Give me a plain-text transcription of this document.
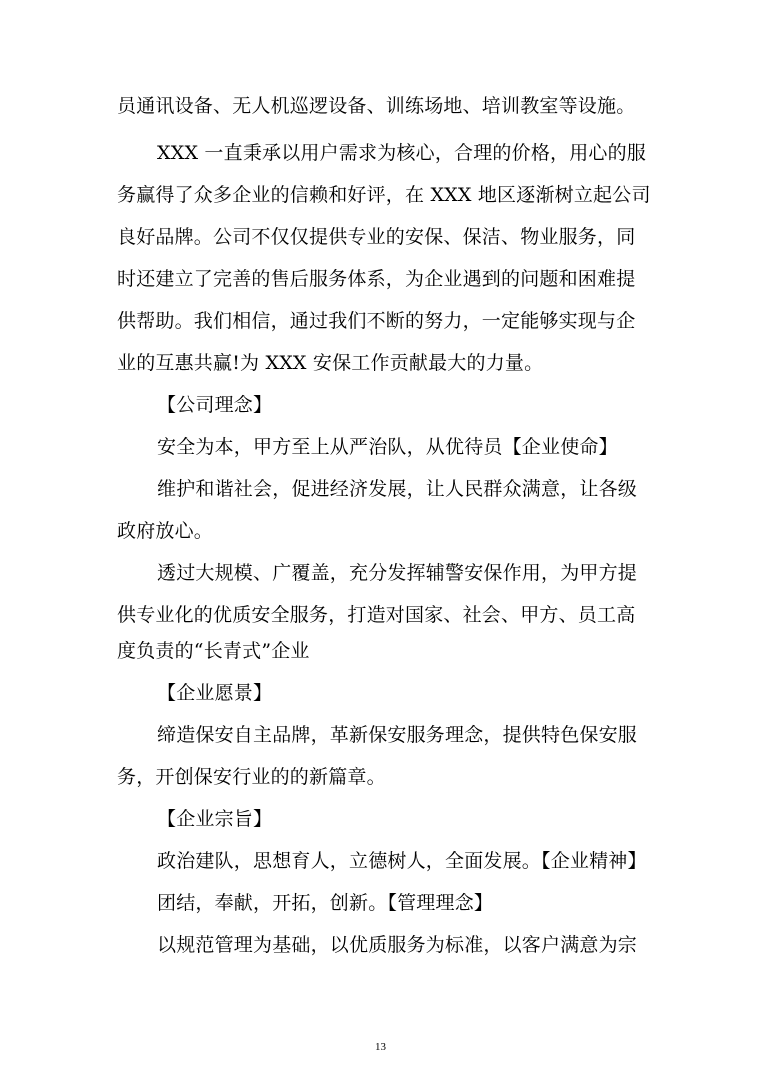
员通讯设备、无人机巡逻设备、训练场地、培训教室等设施。
XXX 一直秉承以用户需求为核心，合理的价格，用心的服
务赢得了众多企业的信赖和好评，在 XXX 地区逐渐树立起公司
良好品牌。公司不仅仅提供专业的安保、保洁、物业服务，同
时还建立了完善的售后服务体系，为企业遇到的问题和困难提
供帮助。我们相信，通过我们不断的努力，一定能够实现与企
业的互惠共赢!为 XXX 安保工作贡献最大的力量。
【公司理念】
安全为本，甲方至上从严治队，从优待员【企业使命】
维护和谐社会，促进经济发展，让人民群众满意，让各级
政府放心。
透过大规模、广覆盖，充分发挥辅警安保作用，为甲方提
供专业化的优质安全服务，打造对国家、社会、甲方、员工高
度负责的“长青式”企业
【企业愿景】
缔造保安自主品牌，革新保安服务理念，提供特色保安服
务，开创保安行业的的新篇章。
【企业宗旨】
政治建队，思想育人，立德树人，全面发展。【企业精神】
团结，奉献，开拓，创新。【管理理念】
以规范管理为基础，以优质服务为标准，以客户满意为宗
13
